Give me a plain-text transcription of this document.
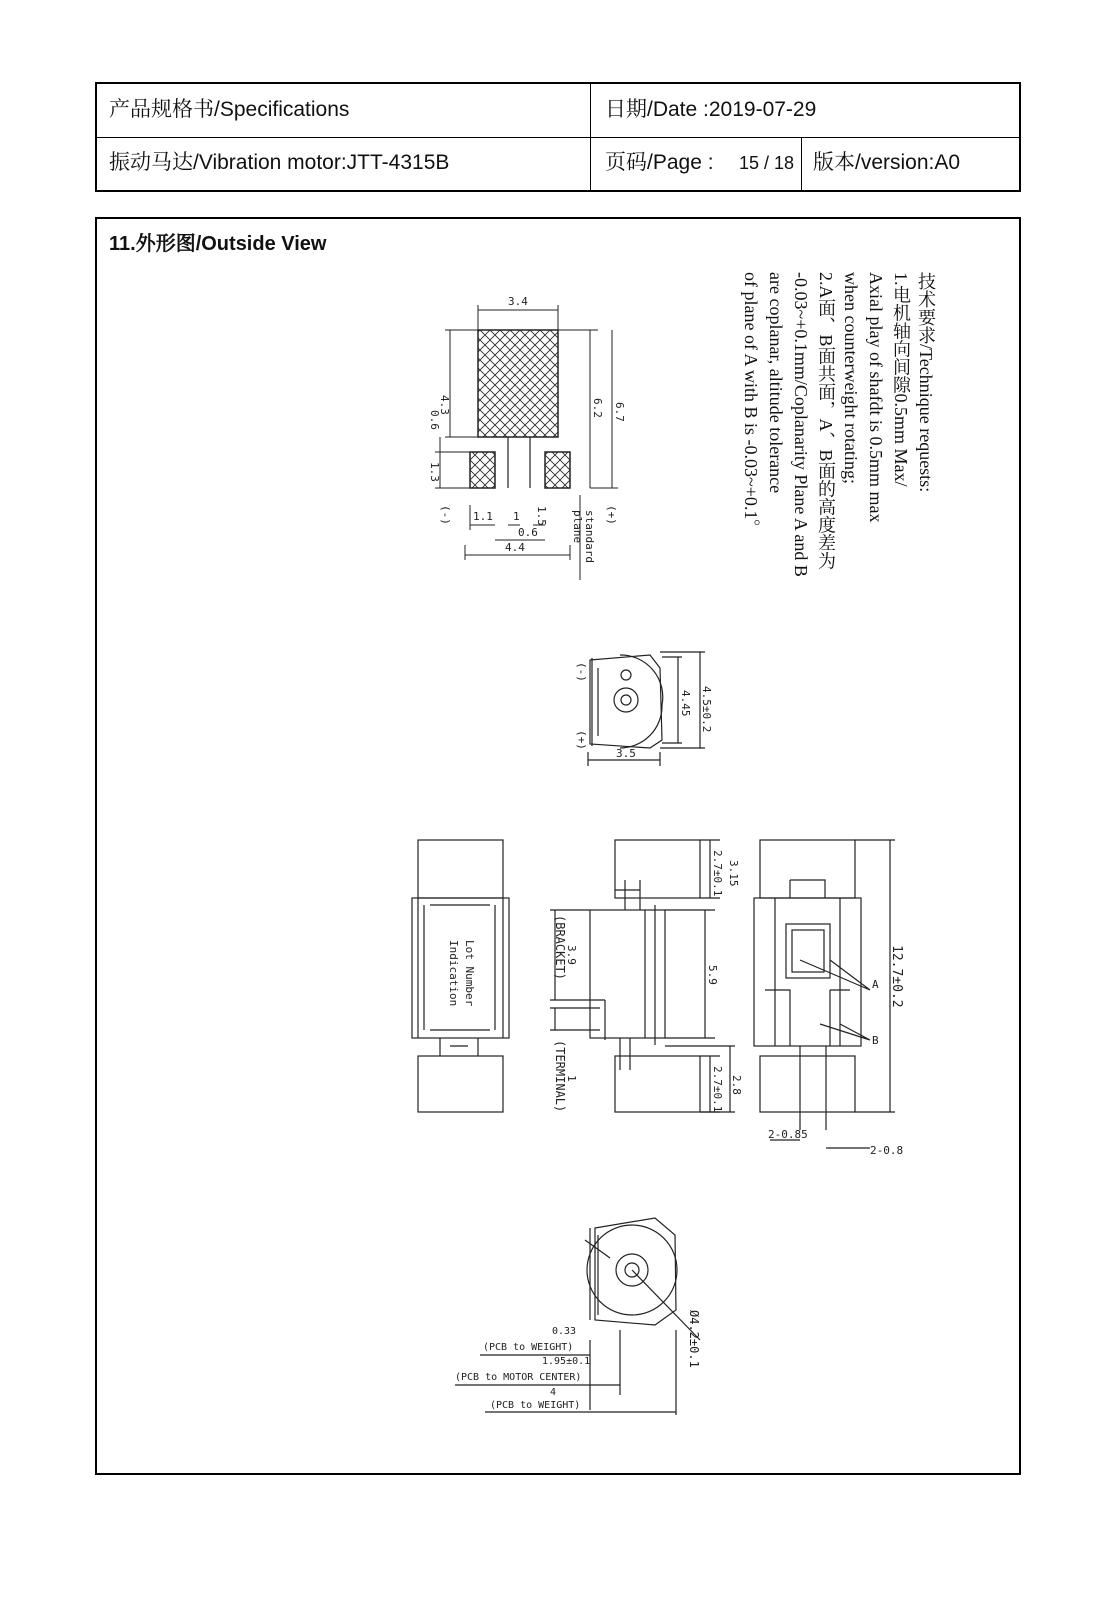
产品规格书/Specifications	日期/Date :2019-07-29
振动马达/Vibration motor:JTT-4315B	页码/Page : 15 / 18 版本/version:A0
11.外形图/Outside View
技术要求/Technique requests:
1.电机轴向间隙0.5mm Max/
Axial play of shafdt is 0.5mm max
when counterweight rotating;
2.A面、B面共面，A、B面的高度差为
-0.03~+0.1mm/Coplanarity Plane A and B
are coplanar, altitude tolerance
of plane of A with B is -0.03~+0.1。
3.4
4.3
0.6
1.3
6.2 6.7
1.1 1 1.5
0.6
4.4
(-)	(+)
standard
plane
4.5±0.2
4.45
3.5
(-)
(+)
Lot Number
Indication
2.7±0.1 3.15
5.9
2.7±0.1 2.8
3.9
(BRACKET)
1
(TERMINAL)
12.7±0.2
2-0.85
2-0.8
A
B
0.33
(PCB to WEIGHT)
1.95±0.1
(PCB to MOTOR CENTER)
4
(PCB to WEIGHT)
Ø4.2±0.1
